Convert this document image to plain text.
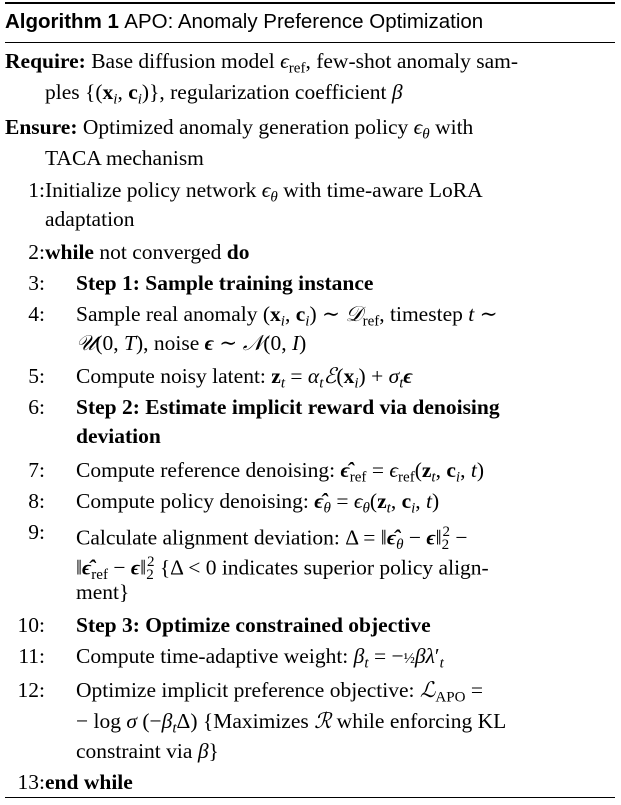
Algorithm 1 APO: Anomaly Preference Optimization
Require: Base diffusion model $\epsilon_{ref}$, few-shot anomaly sam-
ples {($x_i$, $c_i$)}, regularization coefficient β
Ensure: Optimized anomaly generation policy $\epsilon_\theta$ with
TACA mechanism
1: Initialize policy network $\epsilon_\theta$ with time-aware LoRA
adaptation
2: while not converged do
3: Step 1: Sample training instance
4: Sample real anomaly ($x_i$, $c_i$) ∼ 𝒟$_{ref}$, timestep t ∼
𝒰(0, T), noise ϵ ∼ 𝒩(0, I)
5: Compute noisy latent: $z_t$ = $\alpha_tℰ(x_i) + \sigma_t\epsilon$
6: Step 2: Estimate implicit reward via denoising
deviation
7: Compute reference denoising: $\epsilon̂_{ref} = \epsilon_{ref}(z_t$, $c_i$, t)
8: Compute policy denoising: $\epsilon̂_\theta = \epsilon_\theta(z_t$, $c_i$, t)
9: Calculate alignment deviation: $\Delta = ‖\epsilon̂_\theta$ − $\epsilon‖_2^2$ −
$‖\epsilon̂_{ref}$ − $\epsilon‖_2^2$ {Δ < 0 indicates superior policy align-
ment}
10: Step 3: Optimize constrained objective
11: Compute time-adaptive weight: $\beta_t$ = $-\frac{1}{2}\beta\lambda'_t$
12: Optimize implicit preference objective: ℒ$_{APO}$ =
− log σ $(-\beta_t\Delta)$ {Maximizes ℛ while enforcing KL
constraint via β}
13: end while
